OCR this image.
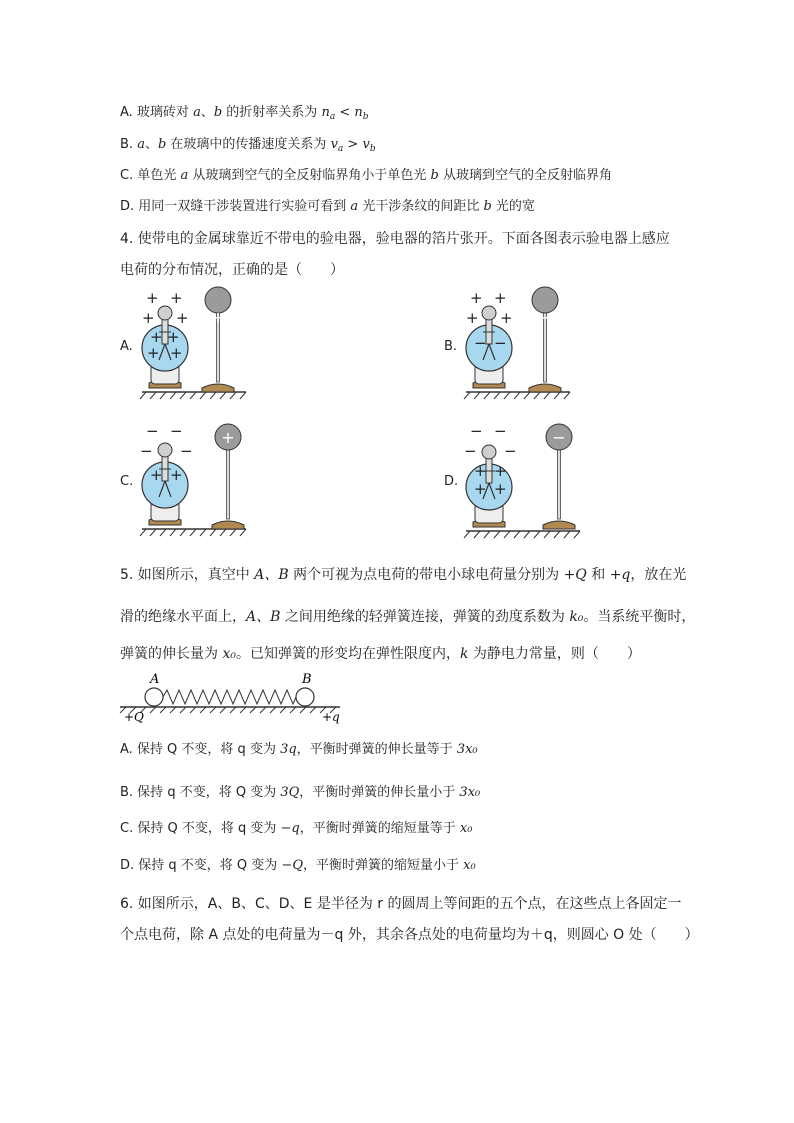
A. 玻璃砖对 a、b 的折射率关系为 $n_a < n_b$
B. a、b 在玻璃中的传播速度关系为 $v_a > v_b$
C. 单色光 a 从玻璃到空气的全反射临界角小于单色光 b 从玻璃到空气的全反射临界角
D. 用同一双缝干涉装置进行实验可看到 a 光干涉条纹的间距比 b 光的宽
4. 使带电的金属球靠近不带电的验电器，验电器的箔片张开。下面各图表示验电器上感应
电荷的分布情况，正确的是（　　）
A.	B.
C.	D.
+
+ +
+ +
+ +
+ +
−
+ +
+ +
− −
+
− −
− −
+ +
−
− −
− −
+ +
+ +
5. 如图所示，真空中 A、B 两个可视为点电荷的带电小球电荷量分别为 +Q 和 +q，放在光
滑的绝缘水平面上，A、B 之间用绝缘的轻弹簧连接，弹簧的劲度系数为 k₀。当系统平衡时，
弹簧的伸长量为 x₀。已知弹簧的形变均在弹性限度内，k 为静电力常量，则（　　）
A	B
+Q	+q
A. 保持 Q 不变，将 q 变为 3q，平衡时弹簧的伸长量等于 3x₀
B. 保持 q 不变，将 Q 变为 3Q，平衡时弹簧的伸长量小于 3x₀
C. 保持 Q 不变，将 q 变为 −q，平衡时弹簧的缩短量等于 x₀
D. 保持 q 不变，将 Q 变为 −Q，平衡时弹簧的缩短量小于 x₀
6. 如图所示，A、B、C、D、E 是半径为 r 的圆周上等间距的五个点，在这些点上各固定一
个点电荷，除 A 点处的电荷量为－q 外，其余各点处的电荷量均为＋q，则圆心 O 处（　　）
